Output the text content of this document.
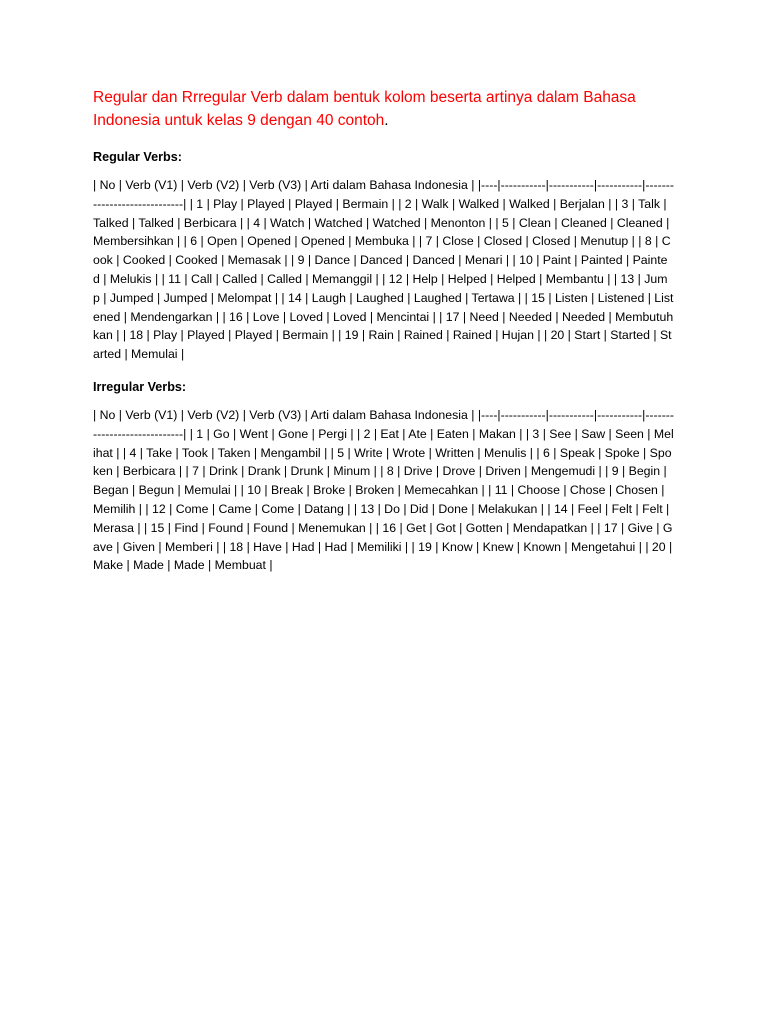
Regular dan Rrregular Verb dalam bentuk kolom beserta artinya dalam Bahasa Indonesia untuk kelas 9 dengan 40 contoh.
Regular Verbs:

| No | Verb (V1) | Verb (V2) | Verb (V3) | Arti dalam Bahasa Indonesia | |----|-----------|-----------|-----------|-----------------------------| | 1 | Play | Played | Played | Bermain | | 2 | Walk | Walked | Walked | Berjalan | | 3 | Talk | Talked | Talked | Berbicara | | 4 | Watch | Watched | Watched | Menonton | | 5 | Clean | Cleaned | Cleaned | Membersihkan | | 6 | Open | Opened | Opened | Membuka | | 7 | Close | Closed | Closed | Menutup | | 8 | Cook | Cooked | Cooked | Memasak | | 9 | Dance | Danced | Danced | Menari | | 10 | Paint | Painted | Painted | Melukis | | 11 | Call | Called | Called | Memanggil | | 12 | Help | Helped | Helped | Membantu | | 13 | Jump | Jumped | Jumped | Melompat | | 14 | Laugh | Laughed | Laughed | Tertawa | | 15 | Listen | Listened | Listened | Mendengarkan | | 16 | Love | Loved | Loved | Mencintai | | 17 | Need | Needed | Needed | Membutuhkan | | 18 | Play | Played | Played | Bermain | | 19 | Rain | Rained | Rained | Hujan | | 20 | Start | Started | Started | Memulai |

Irregular Verbs:

| No | Verb (V1) | Verb (V2) | Verb (V3) | Arti dalam Bahasa Indonesia | |----|-----------|-----------|-----------|-----------------------------| | 1 | Go | Went | Gone | Pergi | | 2 | Eat | Ate | Eaten | Makan | | 3 | See | Saw | Seen | Melihat | | 4 | Take | Took | Taken | Mengambil | | 5 | Write | Wrote | Written | Menulis | | 6 | Speak | Spoke | Spoken | Berbicara | | 7 | Drink | Drank | Drunk | Minum | | 8 | Drive | Drove | Driven | Mengemudi | | 9 | Begin | Began | Begun | Memulai | | 10 | Break | Broke | Broken | Memecahkan | | 11 | Choose | Chose | Chosen | Memilih | | 12 | Come | Came | Come | Datang | | 13 | Do | Did | Done | Melakukan | | 14 | Feel | Felt | Felt | Merasa | | 15 | Find | Found | Found | Menemukan | | 16 | Get | Got | Gotten | Mendapatkan | | 17 | Give | Gave | Given | Memberi | | 18 | Have | Had | Had | Memiliki | | 19 | Know | Knew | Known | Mengetahui | | 20 | Make | Made | Made | Membuat |
